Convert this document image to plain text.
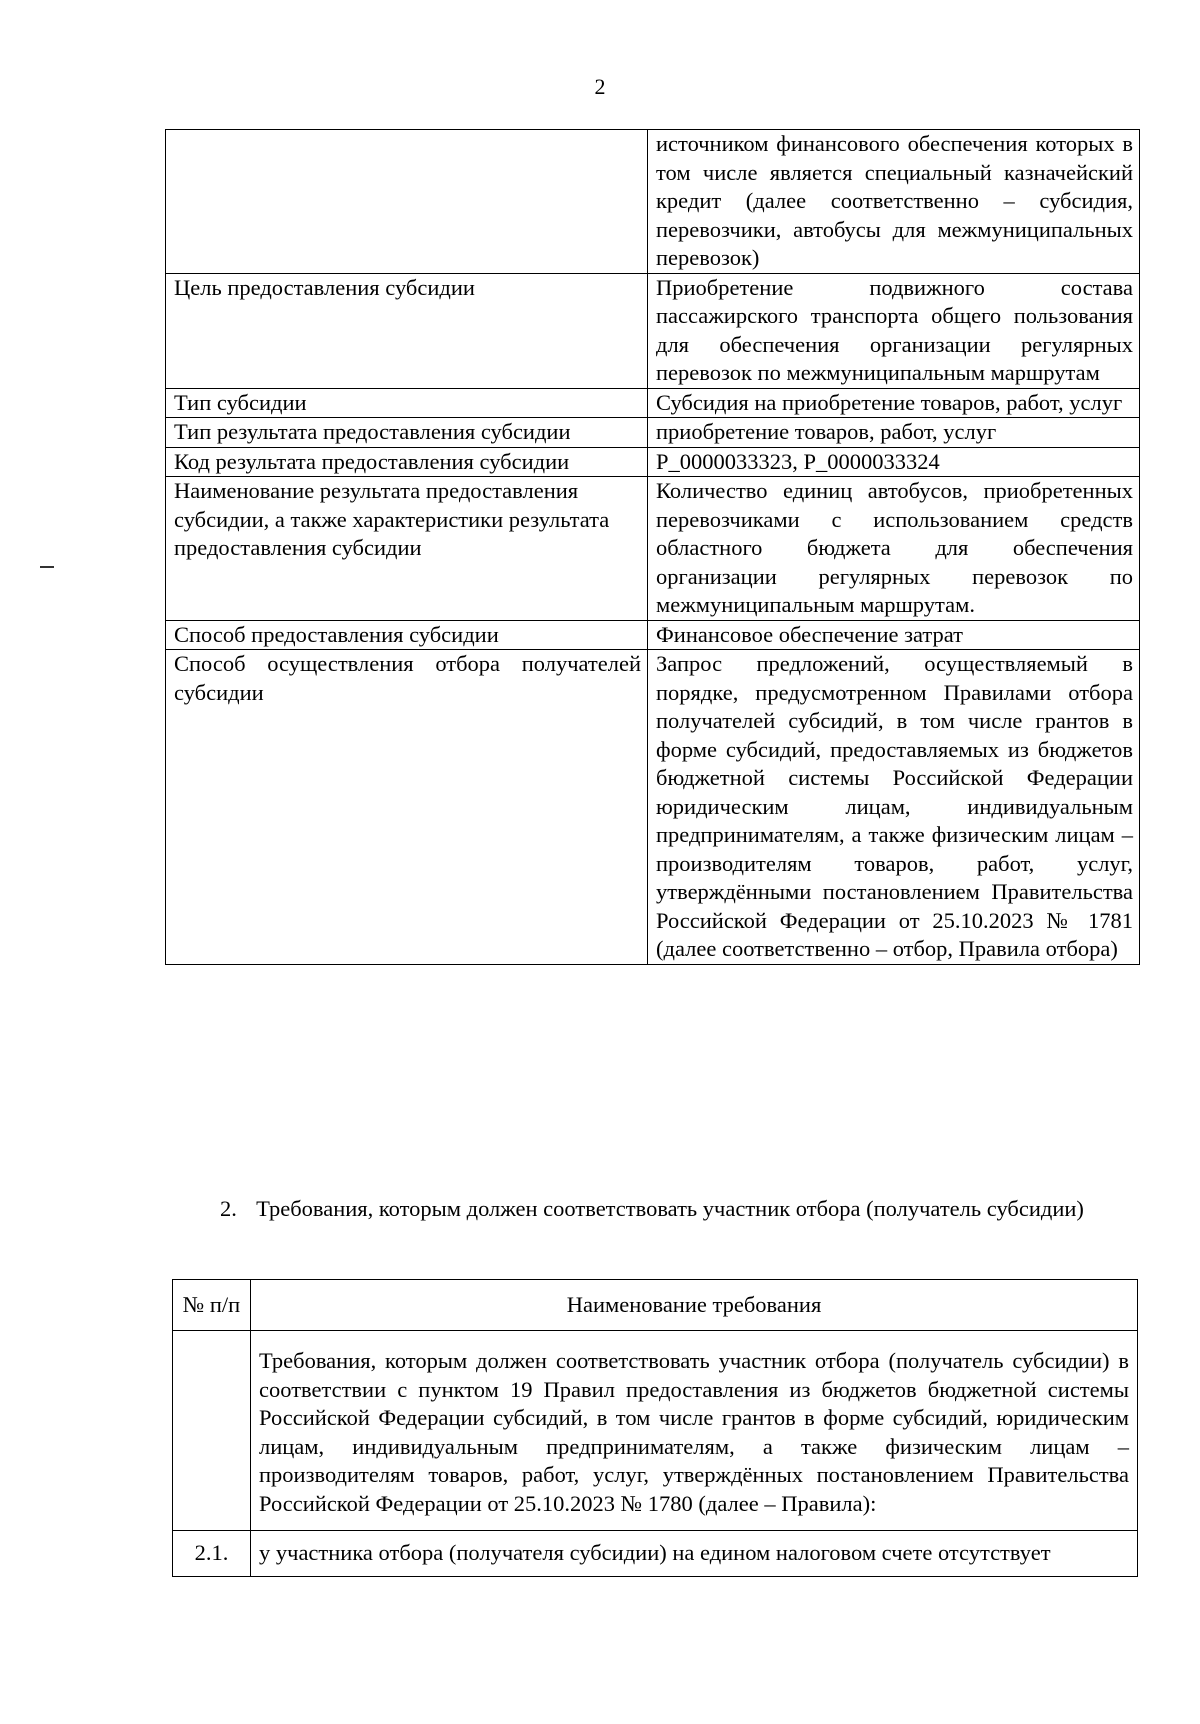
2
	источником финансового обеспечения которых в том числе является специальный казначейский кредит (далее соответственно – субсидия, перевозчики, автобусы для межмуниципальных перевозок)
Цель предоставления субсидии	Приобретение подвижного состава пассажирского транспорта общего пользования для обеспечения организации регулярных перевозок по межмуниципальным маршрутам
Тип субсидии	Субсидия на приобретение товаров, работ, услуг
Тип результата предоставления субсидии	приобретение товаров, работ, услуг
Код результата предоставления субсидии	Р_0000033323, Р_0000033324
Наименование результата предоставления субсидии, а также характеристики результата предоставления субсидии	Количество единиц автобусов, приобретенных перевозчиками с использованием средств областного бюджета для обеспечения организации регулярных перевозок по межмуниципальным маршрутам.
Способ предоставления субсидии	Финансовое обеспечение затрат
Способ осуществления отбора получателей субсидии	Запрос предложений, осуществляемый в порядке, предусмотренном Правилами отбора получателей субсидий, в том числе грантов в форме субсидий, предоставляемых из бюджетов бюджетной системы Российской Федерации юридическим лицам, индивидуальным предпринимателям, а также физическим лицам – производителям товаров, работ, услуг, утверждёнными постановлением Правительства Российской Федерации от 25.10.2023 № 1781 (далее соответственно – отбор, Правила отбора)
2. Требования, которым должен соответствовать участник отбора (получатель субсидии)
№ п/п	Наименование требования
	Требования, которым должен соответствовать участник отбора (получатель субсидии) в соответствии с пунктом 19 Правил предоставления из бюджетов бюджетной системы Российской Федерации субсидий, в том числе грантов в форме субсидий, юридическим лицам, индивидуальным предпринимателям, а также физическим лицам – производителям товаров, работ, услуг, утверждённых постановлением Правительства Российской Федерации от 25.10.2023 № 1780 (далее – Правила):
2.1.	у участника отбора (получателя субсидии) на едином налоговом счете отсутствует
